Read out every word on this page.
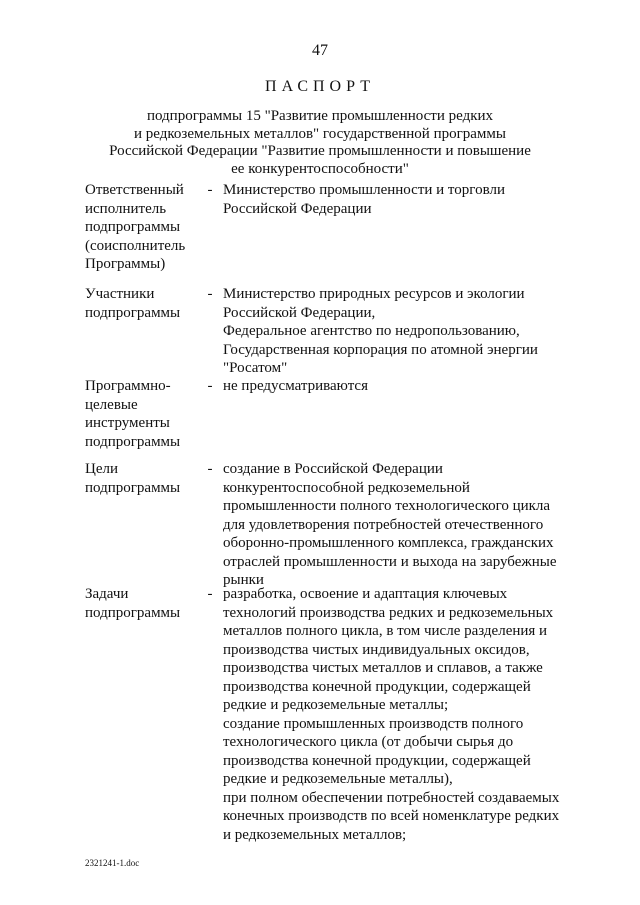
47
ПАСПОРТ
подпрограммы 15 "Развитие промышленности редких
и редкоземельных металлов" государственной программы
Российской Федерации "Развитие промышленности и повышение
ее конкурентоспособности"
Ответственный
исполнитель
подпрограммы
(соисполнитель
Программы)
- Министерство промышленности и торговли
Российской Федерации
Участники
подпрограммы
- Министерство природных ресурсов и экологии
Российской Федерации,
Федеральное агентство по недропользованию,
Государственная корпорация по атомной энергии
"Росатом"
Программно-
целевые
инструменты
подпрограммы
- не предусматриваются
Цели
подпрограммы
- создание в Российской Федерации
конкурентоспособной редкоземельной
промышленности полного технологического цикла
для удовлетворения потребностей отечественного
оборонно-промышленного комплекса, гражданских
отраслей промышленности и выхода на зарубежные
рынки
Задачи
подпрограммы
- разработка, освоение и адаптация ключевых
технологий производства редких и редкоземельных
металлов полного цикла, в том числе разделения и
производства чистых индивидуальных оксидов,
производства чистых металлов и сплавов, а также
производства конечной продукции, содержащей
редкие и редкоземельные металлы;
создание промышленных производств полного
технологического цикла (от добычи сырья до
производства конечной продукции, содержащей
редкие и редкоземельные металлы),
при полном обеспечении потребностей создаваемых
конечных производств по всей номенклатуре редких
и редкоземельных металлов;
2321241-1.doc
